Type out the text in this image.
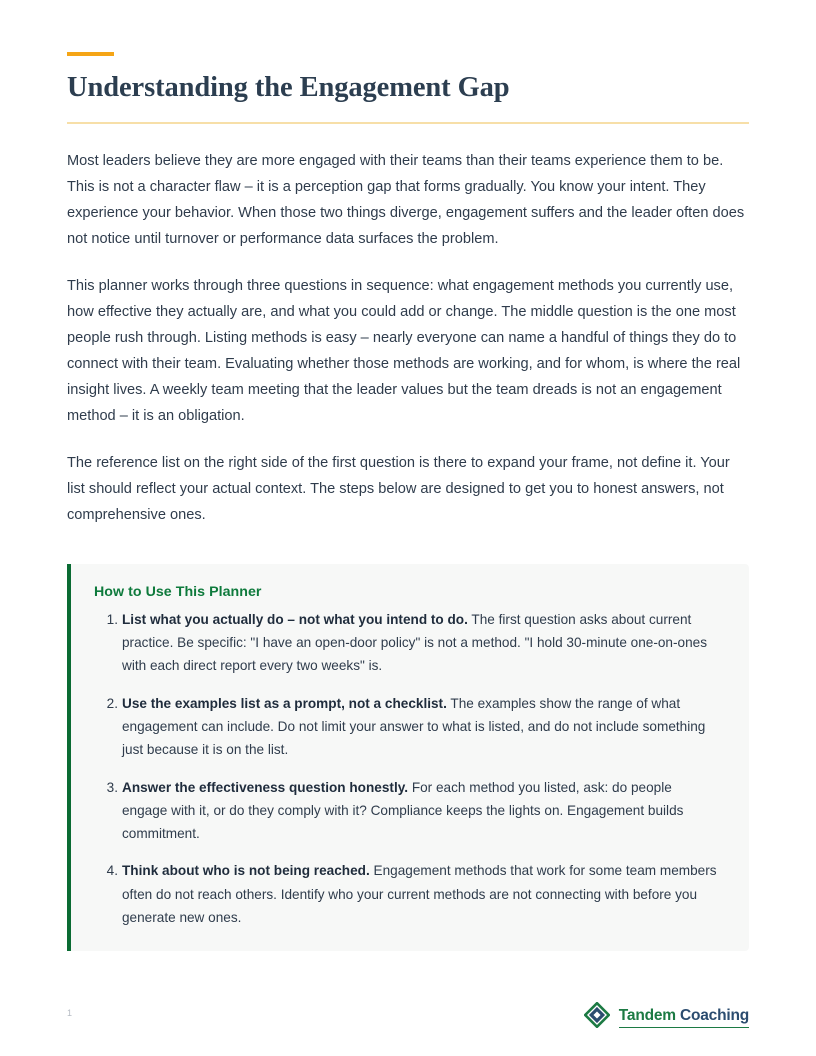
Understanding the Engagement Gap

Most leaders believe they are more engaged with their teams than their teams experience them to be. This is not a character flaw – it is a perception gap that forms gradually. You know your intent. They experience your behavior. When those two things diverge, engagement suffers and the leader often does not notice until turnover or performance data surfaces the problem.

This planner works through three questions in sequence: what engagement methods you currently use, how effective they actually are, and what you could add or change. The middle question is the one most people rush through. Listing methods is easy – nearly everyone can name a handful of things they do to connect with their team. Evaluating whether those methods are working, and for whom, is where the real insight lives. A weekly team meeting that the leader values but the team dreads is not an engagement method – it is an obligation.

The reference list on the right side of the first question is there to expand your frame, not define it. Your list should reflect your actual context. The steps below are designed to get you to honest answers, not comprehensive ones.

How to Use This Planner
List what you actually do – not what you intend to do. The first question asks about current practice. Be specific: "I have an open-door policy" is not a method. "I hold 30-minute one-on-ones with each direct report every two weeks" is.
Use the examples list as a prompt, not a checklist. The examples show the range of what engagement can include. Do not limit your answer to what is listed, and do not include something just because it is on the list.
Answer the effectiveness question honestly. For each method you listed, ask: do people engage with it, or do they comply with it? Compliance keeps the lights on. Engagement builds commitment.
Think about who is not being reached. Engagement methods that work for some team members often do not reach others. Identify who your current methods are not connecting with before you generate new ones.
1	Tandem Coaching
